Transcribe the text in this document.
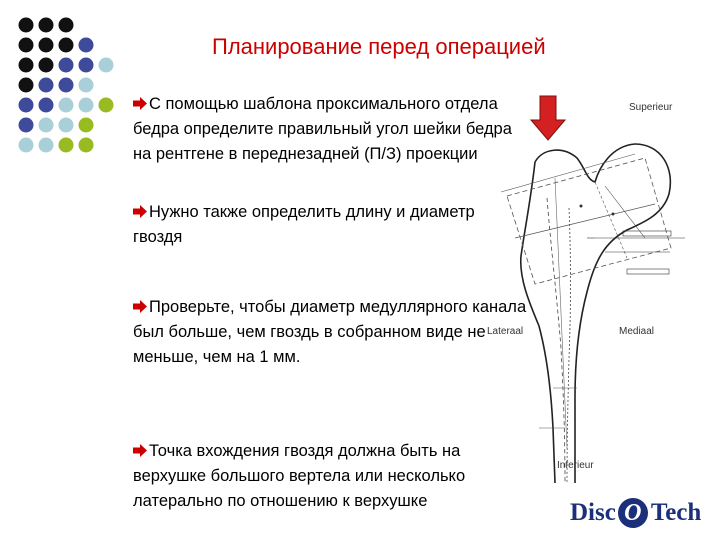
Планирование перед операцией
С помощью шаблона проксимального отдела бедра определите правильный угол шейки бедра на рентгене в переднезадней (П/З) проекции
Нужно также определить длину и диаметр гвоздя
Проверьте, чтобы диаметр медуллярного канала был больше, чем гвоздь в собранном виде не меньше, чем на 1 мм.
Точка вхождения гвоздя должна быть на верхушке большого вертела или несколько латерально по отношению к верхушке
Superieur
Lateraal	Mediaal
Inferieur
Disc O Tech
